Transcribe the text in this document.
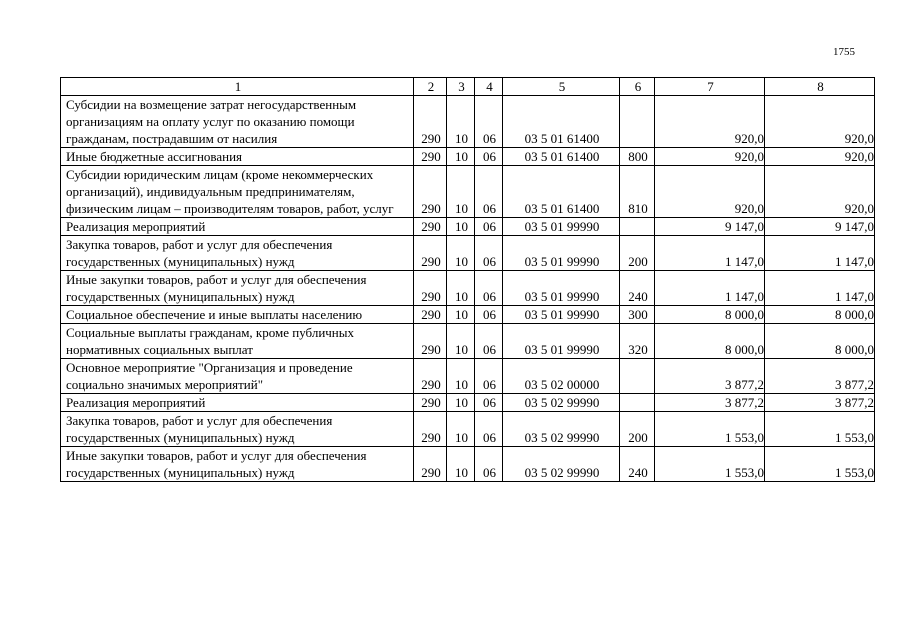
1755
1	2	3	4	5	6	7	8
Субсидии на возмещение затрат негосударственным организациям на оплату услуг по оказанию помощи гражданам, пострадавшим от насилия	290	10	06	03 5 01 61400		920,0	920,0
Иные бюджетные ассигнования	290	10	06	03 5 01 61400	800	920,0	920,0
Субсидии юридическим лицам (кроме некоммерческих организаций), индивидуальным предпринимателям, физическим лицам – производителям товаров, работ, услуг	290	10	06	03 5 01 61400	810	920,0	920,0
Реализация мероприятий	290	10	06	03 5 01 99990		9 147,0	9 147,0
Закупка товаров, работ и услуг для обеспечения государственных (муниципальных) нужд	290	10	06	03 5 01 99990	200	1 147,0	1 147,0
Иные закупки товаров, работ и услуг для обеспечения государственных (муниципальных) нужд	290	10	06	03 5 01 99990	240	1 147,0	1 147,0
Социальное обеспечение и иные выплаты населению	290	10	06	03 5 01 99990	300	8 000,0	8 000,0
Социальные выплаты гражданам, кроме публичных нормативных социальных выплат	290	10	06	03 5 01 99990	320	8 000,0	8 000,0
Основное мероприятие "Организация и проведение социально значимых мероприятий"	290	10	06	03 5 02 00000		3 877,2	3 877,2
Реализация мероприятий	290	10	06	03 5 02 99990		3 877,2	3 877,2
Закупка товаров, работ и услуг для обеспечения государственных (муниципальных) нужд	290	10	06	03 5 02 99990	200	1 553,0	1 553,0
Иные закупки товаров, работ и услуг для обеспечения государственных (муниципальных) нужд	290	10	06	03 5 02 99990	240	1 553,0	1 553,0
